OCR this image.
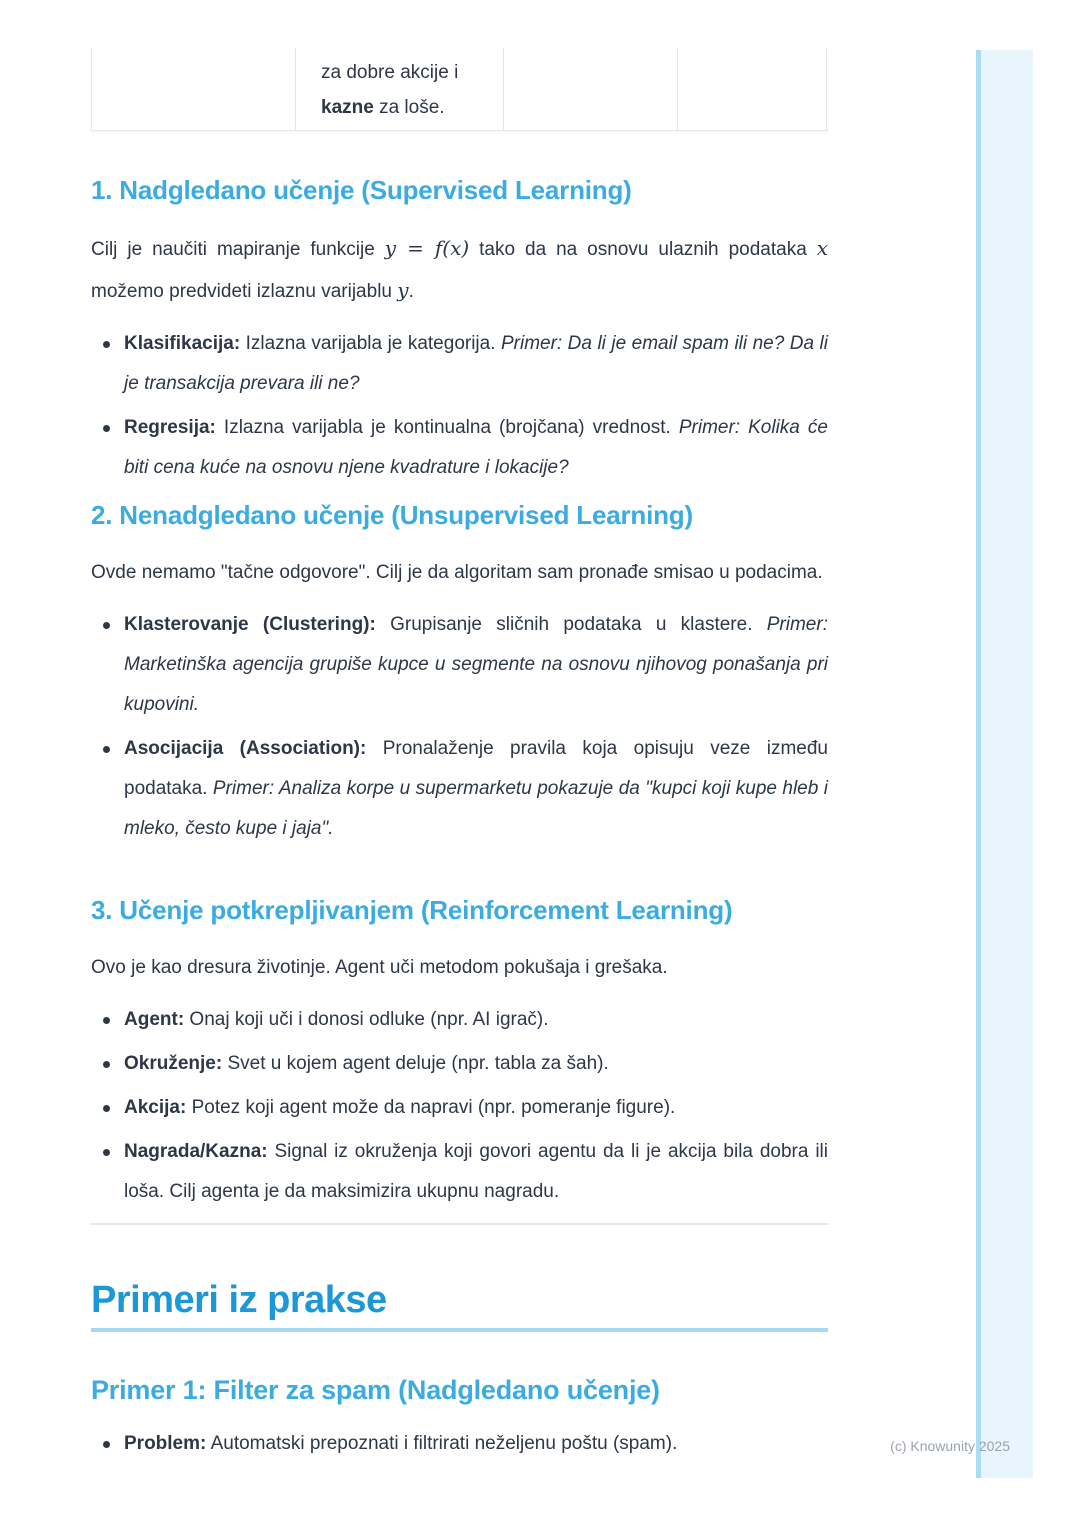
za dobre akcije i
kazne za loše.
1. Nadgledano učenje (Supervised Learning)

Cilj je naučiti mapiranje funkcije y = f(x) tako da na osnovu ulaznih podataka x možemo predvideti izlaznu varijablu y.

Klasifikacija: Izlazna varijabla je kategorija. Primer: Da li je email spam ili ne? Da li je transakcija prevara ili ne?
Regresija: Izlazna varijabla je kontinualna (brojčana) vrednost. Primer: Kolika će biti cena kuće na osnovu njene kvadrature i lokacije?
2. Nenadgledano učenje (Unsupervised Learning)

Ovde nemamo "tačne odgovore". Cilj je da algoritam sam pronađe smisao u podacima.

Klasterovanje (Clustering): Grupisanje sličnih podataka u klastere. Primer: Marketinška agencija grupiše kupce u segmente na osnovu njihovog ponašanja pri kupovini.
Asocijacija (Association): Pronalaženje pravila koja opisuju veze između podataka. Primer: Analiza korpe u supermarketu pokazuje da "kupci koji kupe hleb i mleko, često kupe i jaja".
3. Učenje potkrepljivanjem (Reinforcement Learning)

Ovo je kao dresura životinje. Agent uči metodom pokušaja i grešaka.

Agent: Onaj koji uči i donosi odluke (npr. AI igrač).
Okruženje: Svet u kojem agent deluje (npr. tabla za šah).
Akcija: Potez koji agent može da napravi (npr. pomeranje figure).
Nagrada/Kazna: Signal iz okruženja koji govori agentu da li je akcija bila dobra ili loša. Cilj agenta je da maksimizira ukupnu nagradu.
Primeri iz prakse
Primer 1: Filter za spam (Nadgledano učenje)
Problem: Automatski prepoznati i filtrirati neželjenu poštu (spam).	(c) Knowunity 2025
